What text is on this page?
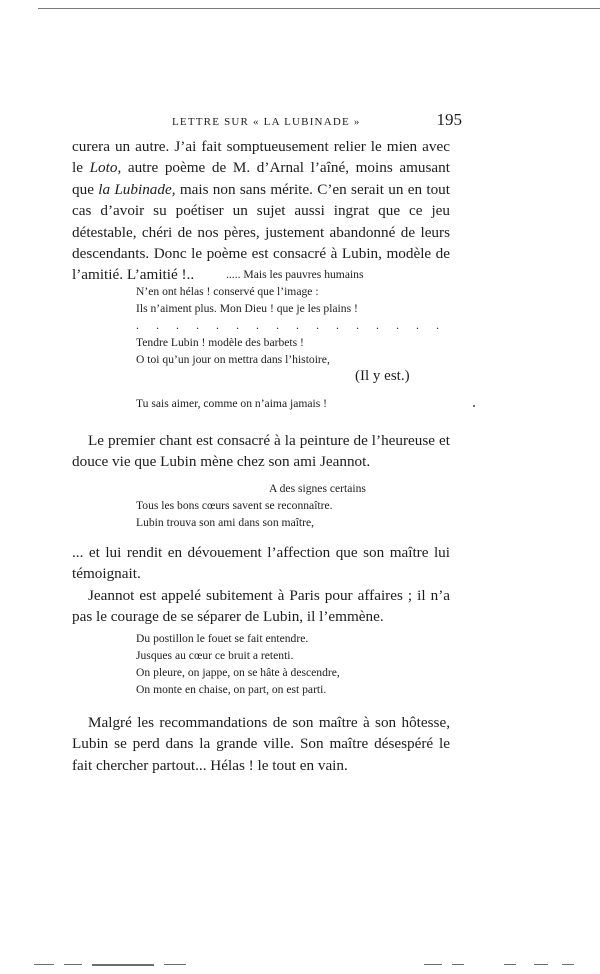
LETTRE SUR « LA LUBINADE »	195

curera un autre. J’ai fait somptueusement relier le mien avec le Loto, autre poème de M. d’Arnal l’aîné, moins amusant que la Lubinade, mais non sans mérite. C’en serait un en tout cas d’avoir su poétiser un sujet aussi ingrat que ce jeu détestable, chéri de nos pères, justement abandonné de leurs descendants. Donc le poème est consacré à Lubin, modèle de l’amitié. L’amitié !..	..... Mais les pauvres humains
N’en ont hélas ! conservé que l’image :
Ils n’aiment plus. Mon Dieu ! que je les plains !
. . . . . . . . . . . . . . . .
Tendre Lubin ! modèle des barbets !
O toi qu’un jour on mettra dans l’histoire,
(Il y est.)
Tu sais aimer, comme on n’aima jamais !

Le premier chant est consacré à la peinture de l’heureuse et douce vie que Lubin mène chez son ami Jeannot.

A des signes certains
Tous les bons cœurs savent se reconnaître.
Lubin trouva son ami dans son maître,

... et lui rendit en dévouement l’affection que son maître lui témoignait.

Jeannot est appelé subitement à Paris pour affaires ; il n’a pas le courage de se séparer de Lubin, il l’emmène.

Du postillon le fouet se fait entendre.
Jusques au cœur ce bruit a retenti.
On pleure, on jappe, on se hâte à descendre,
On monte en chaise, on part, on est parti.

Malgré les recommandations de son maître à son hôtesse, Lubin se perd dans la grande ville. Son maître désespéré le fait chercher partout... Hélas ! le tout en vain.
